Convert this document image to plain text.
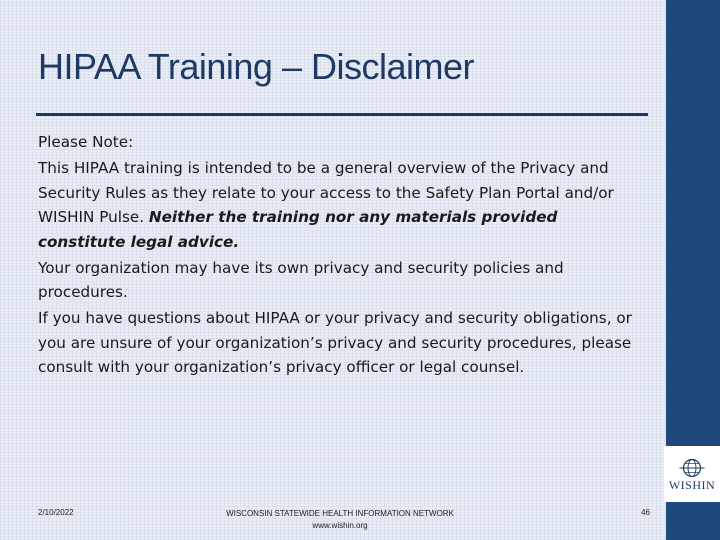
HIPAA Training – Disclaimer

Please Note:

This HIPAA training is intended to be a general overview of the Privacy and Security Rules as they relate to your access to the Safety Plan Portal and/or WISHIN Pulse. Neither the training nor any materials provided constitute legal advice.

Your organization may have its own privacy and security policies and procedures.

If you have questions about HIPAA or your privacy and security obligations, or you are unsure of your organization’s privacy and security procedures, please consult with your organization’s privacy officer or legal counsel.

WISHIN
2/10/2022	WISCONSIN STATEWIDE HEALTH INFORMATION NETWORK
www.wishin.org
46
